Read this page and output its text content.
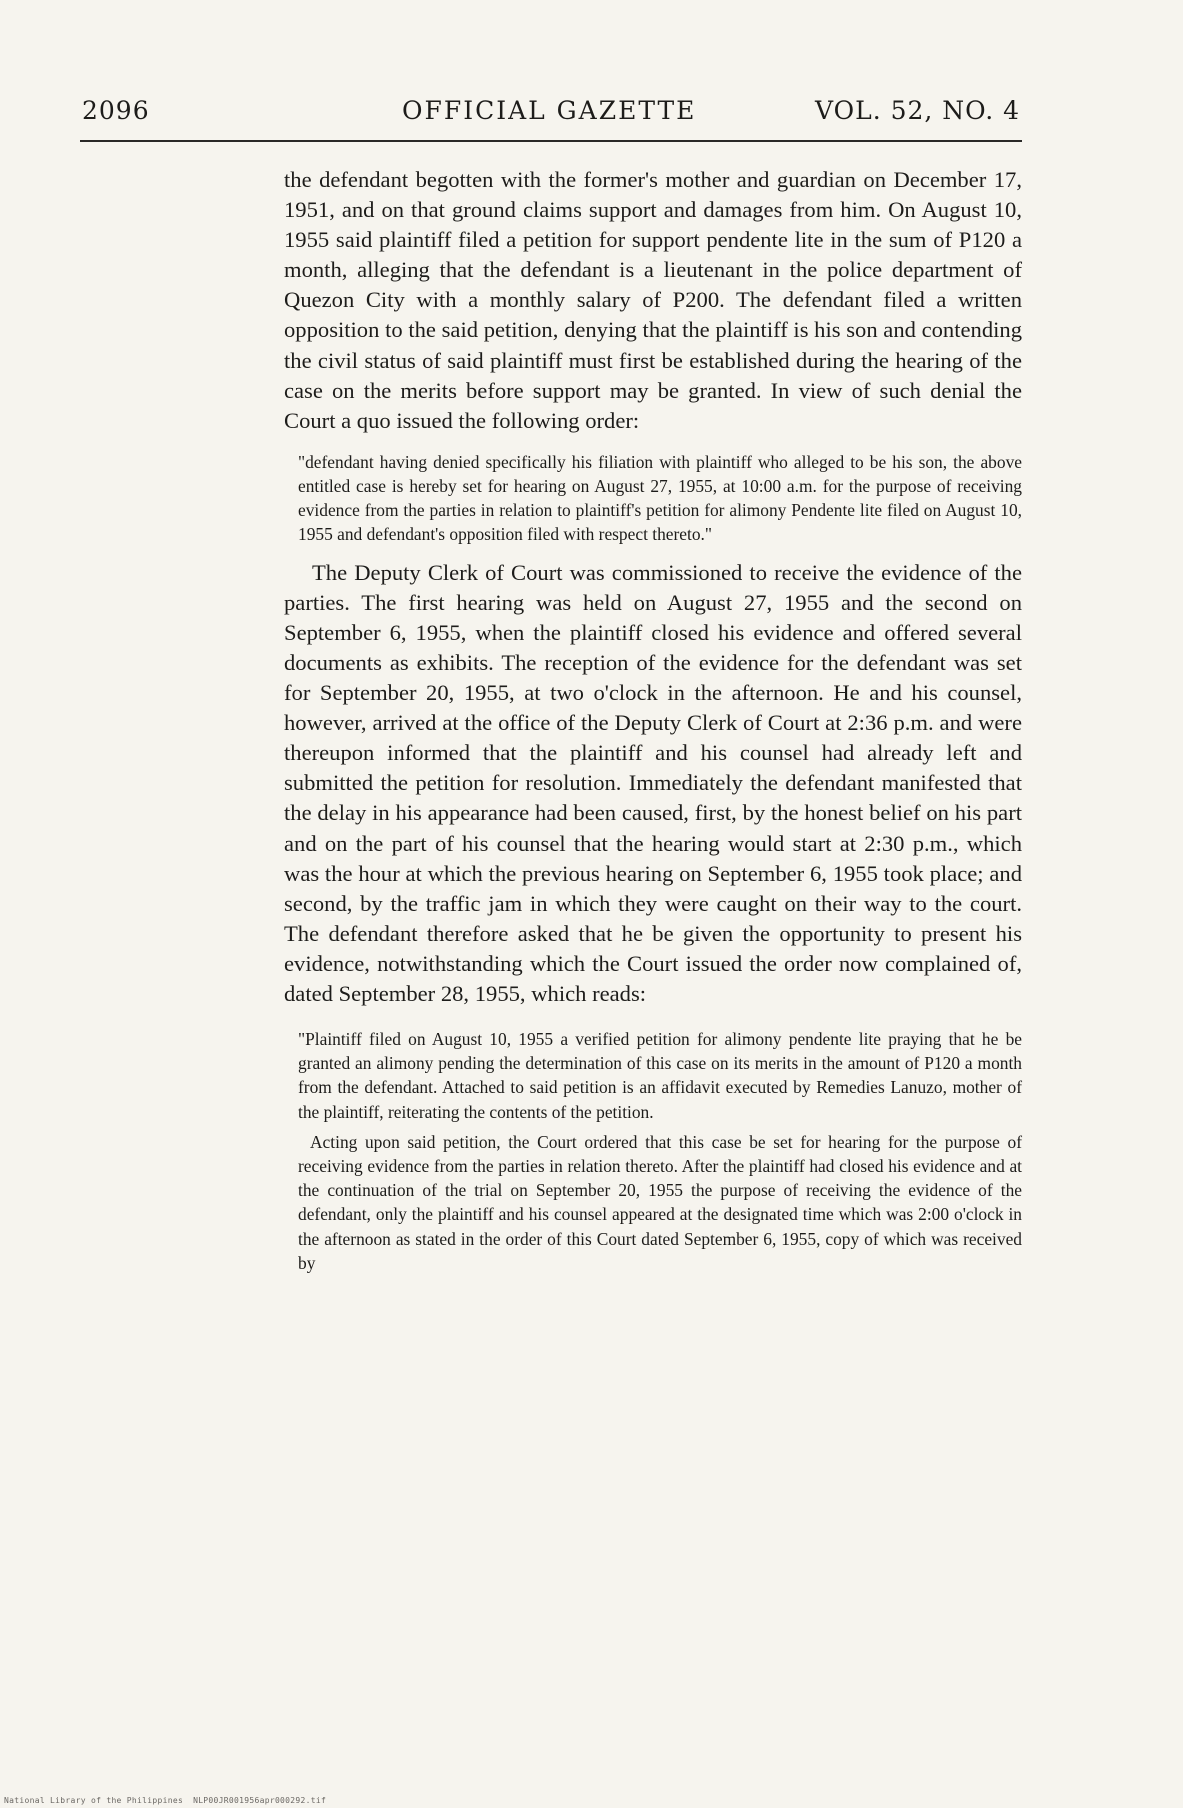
2096	OFFICIAL GAZETTE	VOL. 52, NO. 4

the defendant begotten with the former's mother and guardian on December 17, 1951, and on that ground claims support and damages from him. On August 10, 1955 said plaintiff filed a petition for support pendente lite in the sum of P120 a month, alleging that the defendant is a lieutenant in the police department of Quezon City with a monthly salary of P200. The defendant filed a written opposition to the said petition, denying that the plaintiff is his son and contending the civil status of said plaintiff must first be established during the hearing of the case on the merits before support may be granted. In view of such denial the Court a quo issued the following order:

"defendant having denied specifically his filiation with plaintiff who alleged to be his son, the above entitled case is hereby set for hearing on August 27, 1955, at 10:00 a.m. for the purpose of receiving evidence from the parties in relation to plaintiff's petition for alimony Pendente lite filed on August 10, 1955 and defendant's opposition filed with respect thereto."

The Deputy Clerk of Court was commissioned to receive the evidence of the parties. The first hearing was held on August 27, 1955 and the second on September 6, 1955, when the plaintiff closed his evidence and offered several documents as exhibits. The reception of the evidence for the defendant was set for September 20, 1955, at two o'clock in the afternoon. He and his counsel, however, arrived at the office of the Deputy Clerk of Court at 2:36 p.m. and were thereupon informed that the plaintiff and his counsel had already left and submitted the petition for resolution. Immediately the defendant manifested that the delay in his appearance had been caused, first, by the honest belief on his part and on the part of his counsel that the hearing would start at 2:30 p.m., which was the hour at which the previous hearing on September 6, 1955 took place; and second, by the traffic jam in which they were caught on their way to the court. The defendant therefore asked that he be given the opportunity to present his evidence, notwithstanding which the Court issued the order now complained of, dated September 28, 1955, which reads:

"Plaintiff filed on August 10, 1955 a verified petition for alimony pendente lite praying that he be granted an alimony pending the determination of this case on its merits in the amount of P120 a month from the defendant. Attached to said petition is an affidavit executed by Remedies Lanuzo, mother of the plaintiff, reiterating the contents of the petition.

Acting upon said petition, the Court ordered that this case be set for hearing for the purpose of receiving evidence from the parties in relation thereto. After the plaintiff had closed his evidence and at the continuation of the trial on September 20, 1955 the purpose of receiving the evidence of the defendant, only the plaintiff and his counsel appeared at the designated time which was 2:00 o'clock in the afternoon as stated in the order of this Court dated September 6, 1955, copy of which was received by

National Library of the Philippines NLP00JR001956apr000292.tif
